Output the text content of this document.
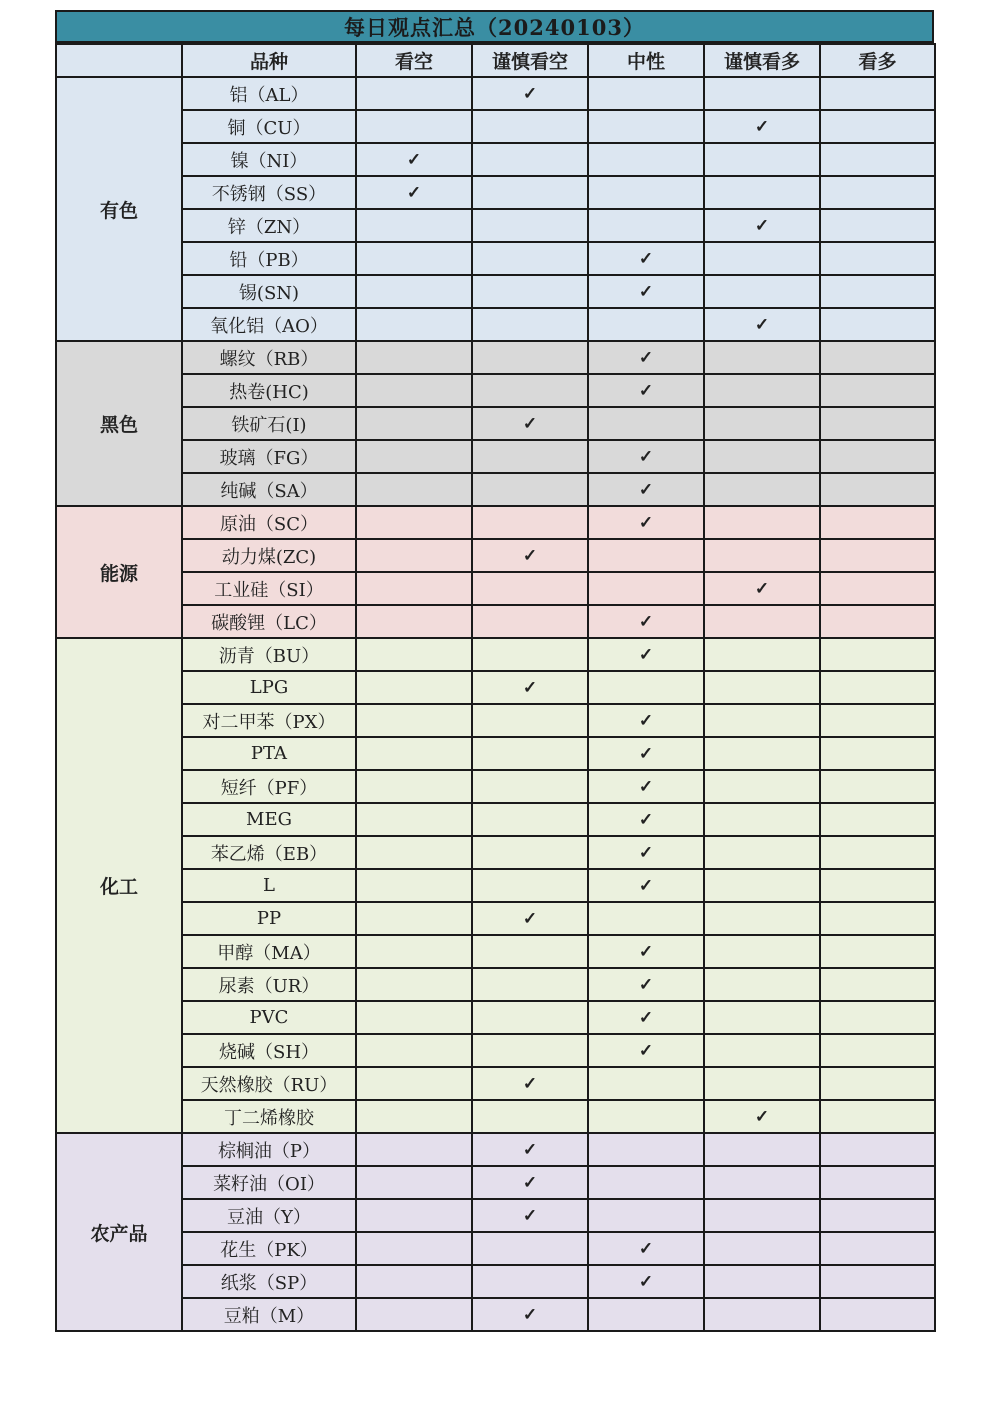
每日观点汇总（20240103）
	品种	看空	谨慎看空	中性	谨慎看多	看多
有色	铝（AL）		✓			
	铜（CU）				✓	
	镍（NI）	✓				
	不锈钢（SS）	✓				
	锌（ZN）				✓	
	铅（PB）			✓		
	锡(SN)			✓		
	氧化铝（AO）				✓	
黑色	螺纹（RB）			✓		
	热卷(HC)			✓		
	铁矿石(I)		✓			
	玻璃（FG）			✓		
	纯碱（SA）			✓		
能源	原油（SC）			✓		
	动力煤(ZC)		✓			
	工业硅（SI）				✓	
	碳酸锂（LC）			✓		
化工	沥青（BU）			✓		
	LPG		✓			
	对二甲苯（PX）			✓		
	PTA			✓		
	短纤（PF）			✓		
	MEG			✓		
	苯乙烯（EB）			✓		
	L			✓		
	PP		✓			
	甲醇（MA）			✓		
	尿素（UR）			✓		
	PVC			✓		
	烧碱（SH）			✓		
	天然橡胶（RU）		✓			
	丁二烯橡胶				✓	
农产品	棕榈油（P）		✓			
	菜籽油（OI）		✓			
	豆油（Y）		✓			
	花生（PK）			✓		
	纸浆（SP）			✓		
	豆粕（M）		✓			
